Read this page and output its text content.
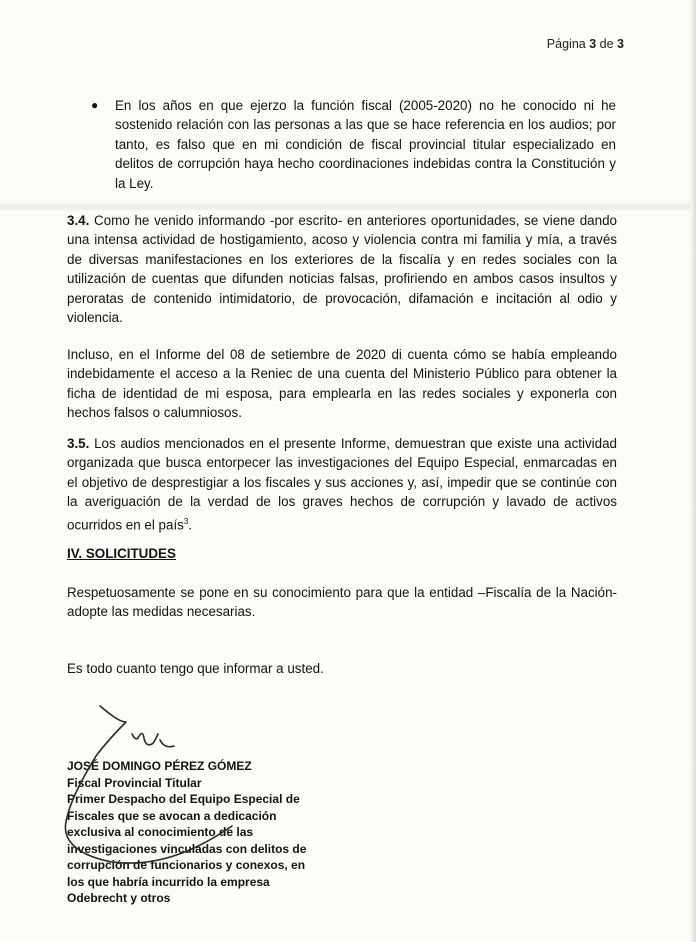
Página 3 de 3
●	En los años en que ejerzo la función fiscal (2005-2020) no he conocido ni he sostenido relación con las personas a las que se hace referencia en los audios; por tanto, es falso que en mi condición de fiscal provincial titular especializado en delitos de corrupción haya hecho coordinaciones indebidas contra la Constitución y la Ley.

3.4. Como he venido informando -por escrito- en anteriores oportunidades, se viene dando una intensa actividad de hostigamiento, acoso y violencia contra mi familia y mía, a través de diversas manifestaciones en los exteriores de la fiscalía y en redes sociales con la utilización de cuentas que difunden noticias falsas, profiriendo en ambos casos insultos y peroratas de contenido intimidatorio, de provocación, difamación e incitación al odio y violencia.

Incluso, en el Informe del 08 de setiembre de 2020 di cuenta cómo se había empleando indebidamente el acceso a la Reniec de una cuenta del Ministerio Público para obtener la ficha de identidad de mi esposa, para emplearla en las redes sociales y exponerla con hechos falsos o calumniosos.

3.5. Los audios mencionados en el presente Informe, demuestran que existe una actividad organizada que busca entorpecer las investigaciones del Equipo Especial, enmarcadas en el objetivo de desprestigiar a los fiscales y sus acciones y, así, impedir que se continúe con la averiguación de la verdad de los graves hechos de corrupción y lavado de activos ocurridos en el país$^3$.

IV. SOLICITUDES

Respetuosamente se pone en su conocimiento para que la entidad –Fiscalía de la Nación- adopte las medidas necesarias.

Es todo cuanto tengo que informar a usted.

JOSÉ DOMINGO PÉREZ GÓMEZ
Fiscal Provincial Titular
Primer Despacho del Equipo Especial de
Fiscales que se avocan a dedicación
exclusiva al conocimiento de las
investigaciones vinculadas con delitos de
corrupción de funcionarios y conexos, en
los que habría incurrido la empresa
Odebrecht y otros
